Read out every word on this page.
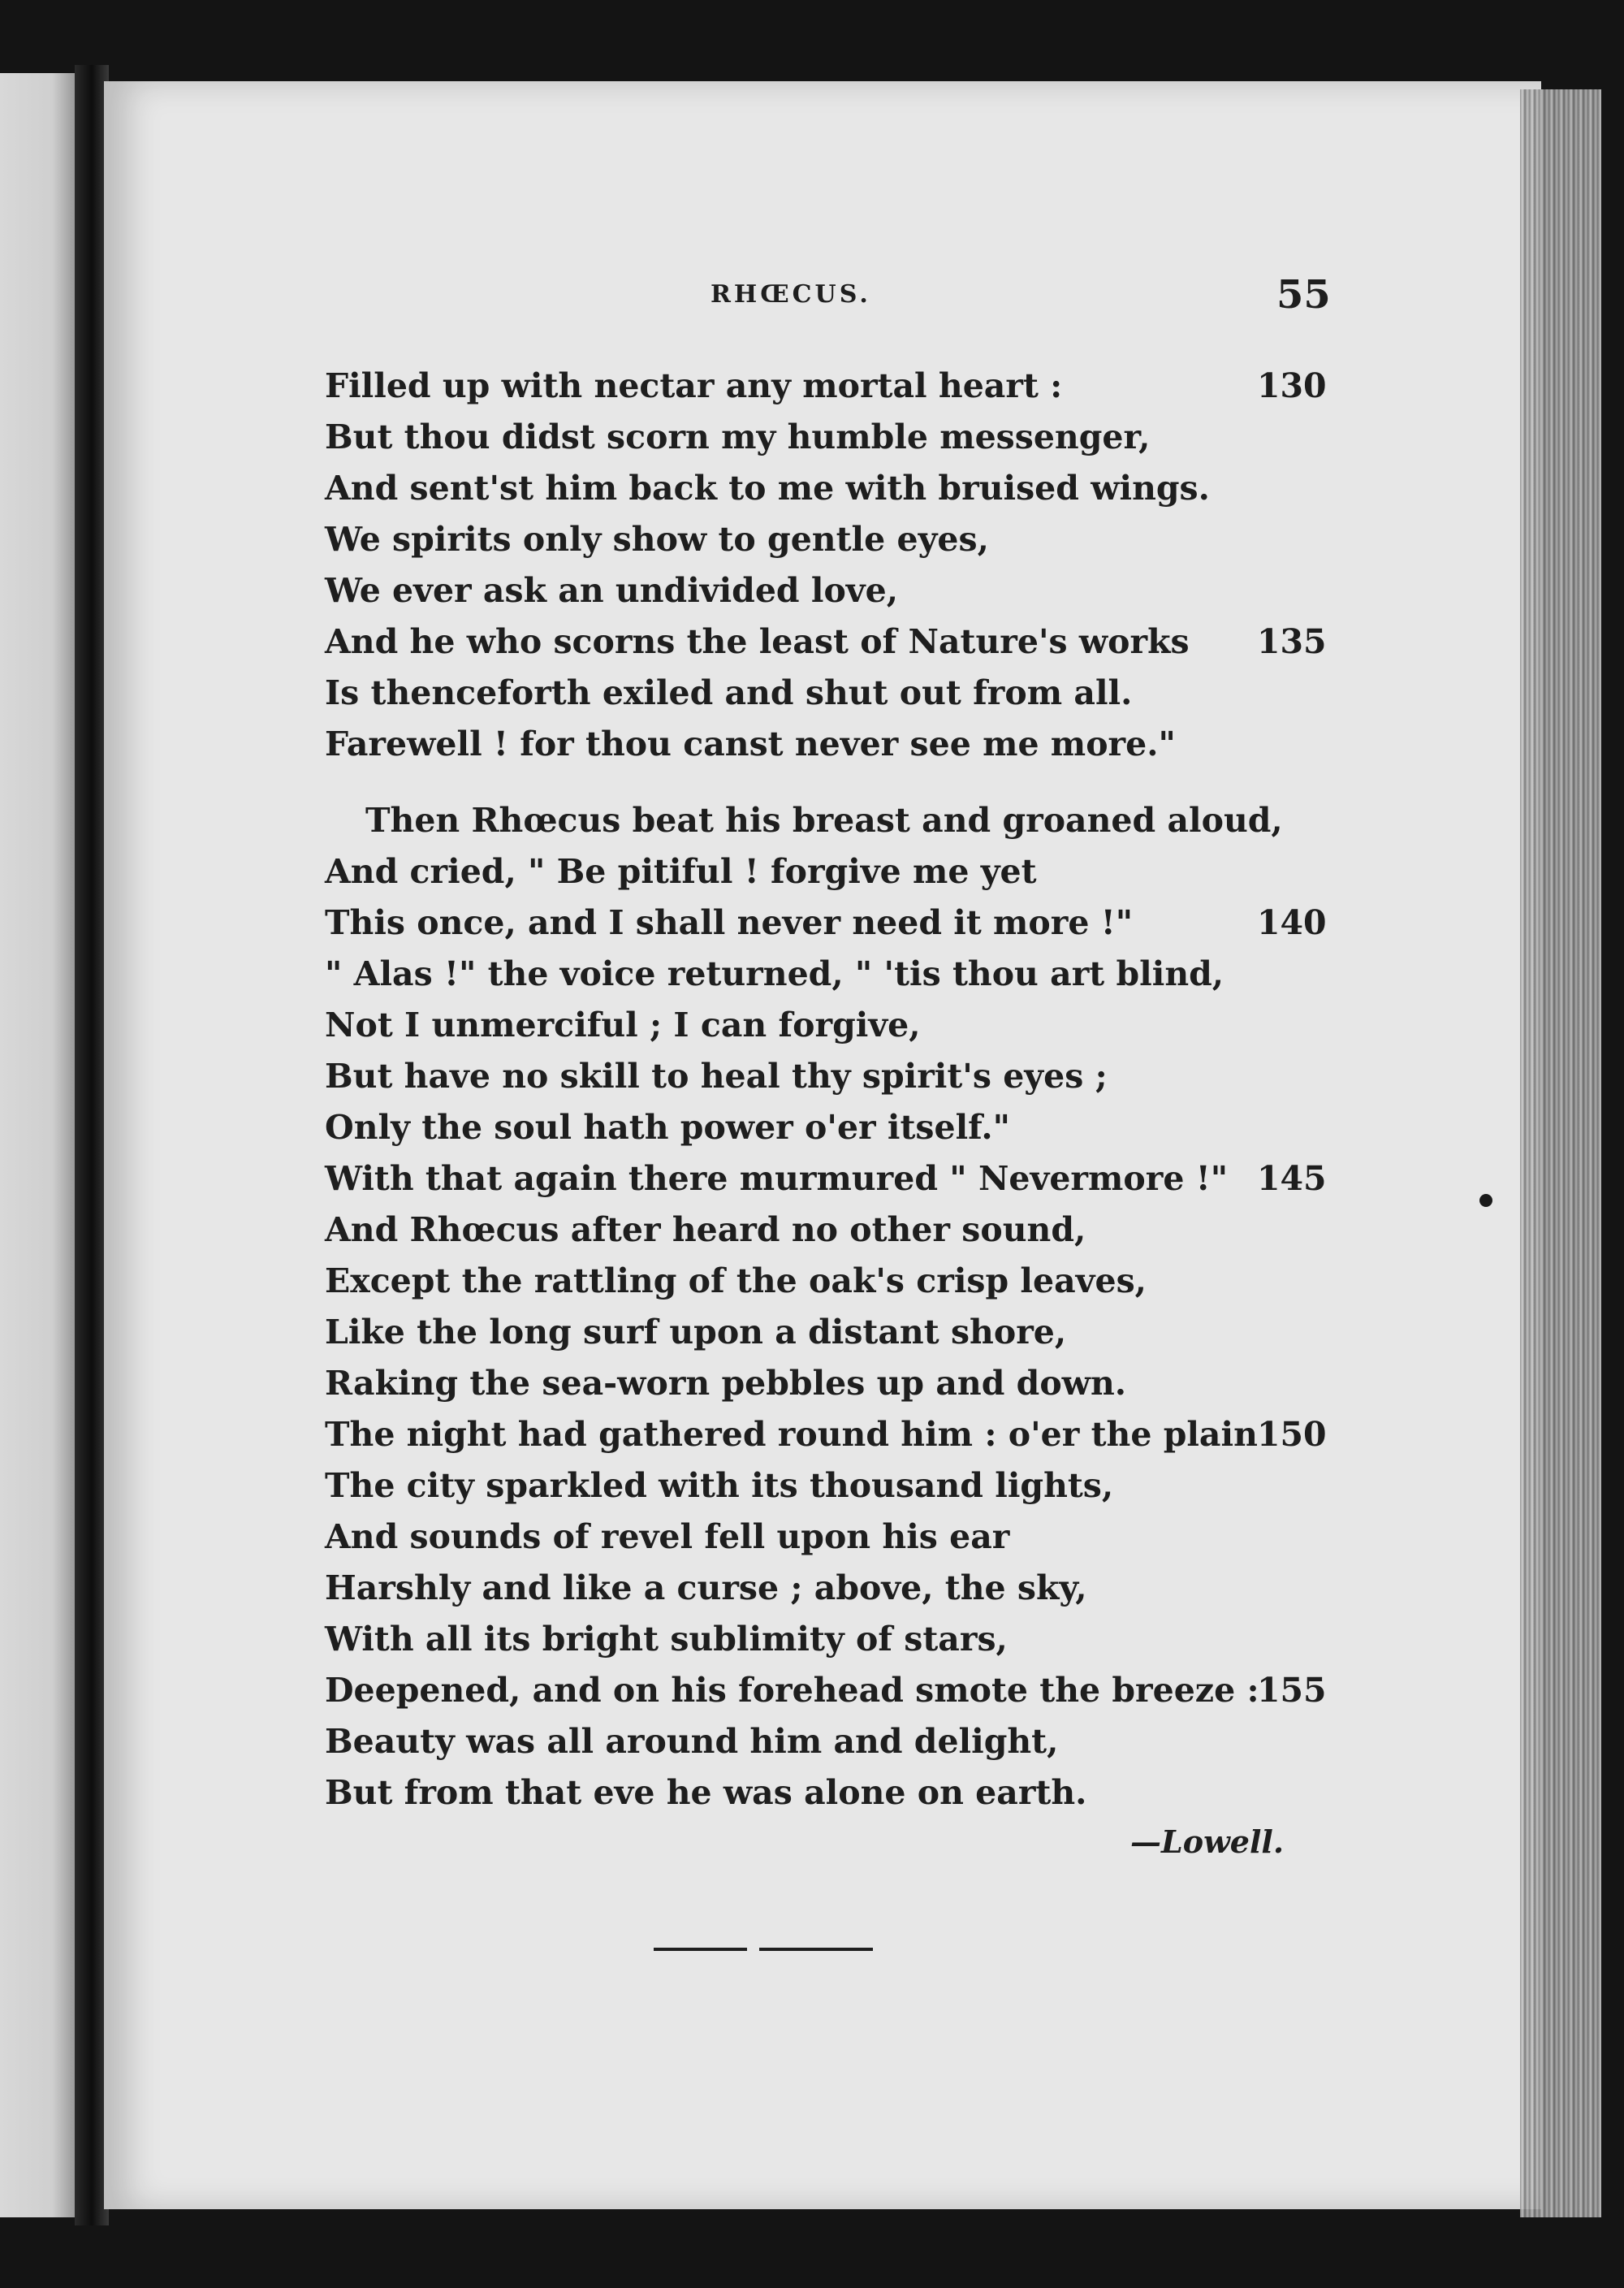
RHŒCUS.	55
Filled up with nectar any mortal heart :
But thou didst scorn my humble messenger,
And sent'st him back to me with bruised wings.
We spirits only show to gentle eyes,
We ever ask an undivided love,
And he who scorns the least of Nature's works
Is thenceforth exiled and shut out from all.
Farewell ! for thou canst never see me more."
Then Rhœcus beat his breast and groaned aloud,
And cried, " Be pitiful ! forgive me yet
This once, and I shall never need it more !"
" Alas !" the voice returned, " 'tis thou art blind,
Not I unmerciful ; I can forgive,
But have no skill to heal thy spirit's eyes ;
Only the soul hath power o'er itself."
With that again there murmured " Nevermore !"
And Rhœcus after heard no other sound,
Except the rattling of the oak's crisp leaves,
Like the long surf upon a distant shore,
Raking the sea-worn pebbles up and down.
The night had gathered round him : o'er the plain
The city sparkled with its thousand lights,
And sounds of revel fell upon his ear
Harshly and like a curse ; above, the sky,
With all its bright sublimity of stars,
Deepened, and on his forehead smote the breeze :
Beauty was all around him and delight,
But from that eve he was alone on earth.
130
135
140
145
150
155
—Lowell.
